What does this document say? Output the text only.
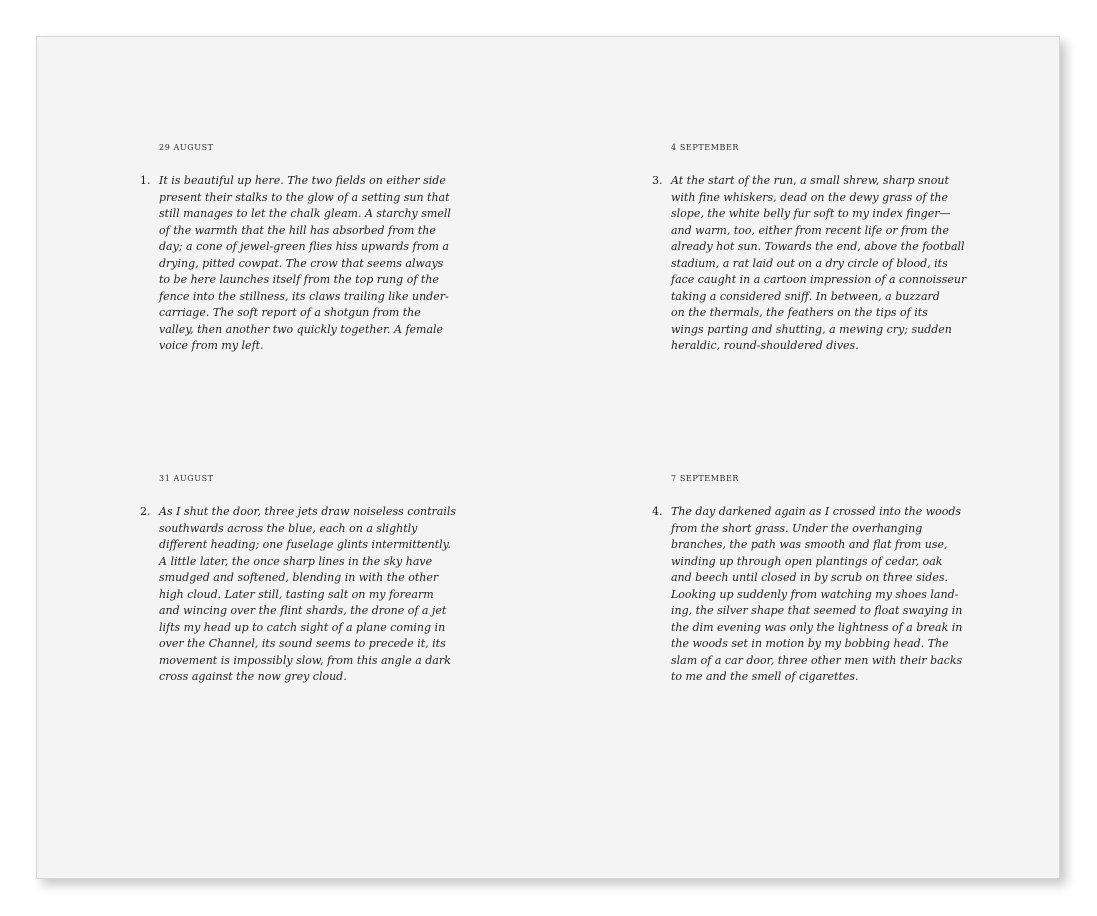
29 AUGUST
1. It is beautiful up here. The two fields on either side
present their stalks to the glow of a setting sun that
still manages to let the chalk gleam. A starchy smell
of the warmth that the hill has absorbed from the
day; a cone of jewel-green flies hiss upwards from a
drying, pitted cowpat. The crow that seems always
to be here launches itself from the top rung of the
fence into the stillness, its claws trailing like under-
carriage. The soft report of a shotgun from the
valley, then another two quickly together. A female
voice from my left.
31 AUGUST
2. As I shut the door, three jets draw noiseless contrails
southwards across the blue, each on a slightly
different heading; one fuselage glints intermittently.
A little later, the once sharp lines in the sky have
smudged and softened, blending in with the other
high cloud. Later still, tasting salt on my forearm
and wincing over the flint shards, the drone of a jet
lifts my head up to catch sight of a plane coming in
over the Channel, its sound seems to precede it, its
movement is impossibly slow, from this angle a dark
cross against the now grey cloud.
4 SEPTEMBER
3. At the start of the run, a small shrew, sharp snout
with fine whiskers, dead on the dewy grass of the
slope, the white belly fur soft to my index finger—
and warm, too, either from recent life or from the
already hot sun. Towards the end, above the football
stadium, a rat laid out on a dry circle of blood, its
face caught in a cartoon impression of a connoisseur
taking a considered sniff. In between, a buzzard
on the thermals, the feathers on the tips of its
wings parting and shutting, a mewing cry; sudden
heraldic, round-shouldered dives.
7 SEPTEMBER
4. The day darkened again as I crossed into the woods
from the short grass. Under the overhanging
branches, the path was smooth and flat from use,
winding up through open plantings of cedar, oak
and beech until closed in by scrub on three sides.
Looking up suddenly from watching my shoes land-
ing, the silver shape that seemed to float swaying in
the dim evening was only the lightness of a break in
the woods set in motion by my bobbing head. The
slam of a car door, three other men with their backs
to me and the smell of cigarettes.
